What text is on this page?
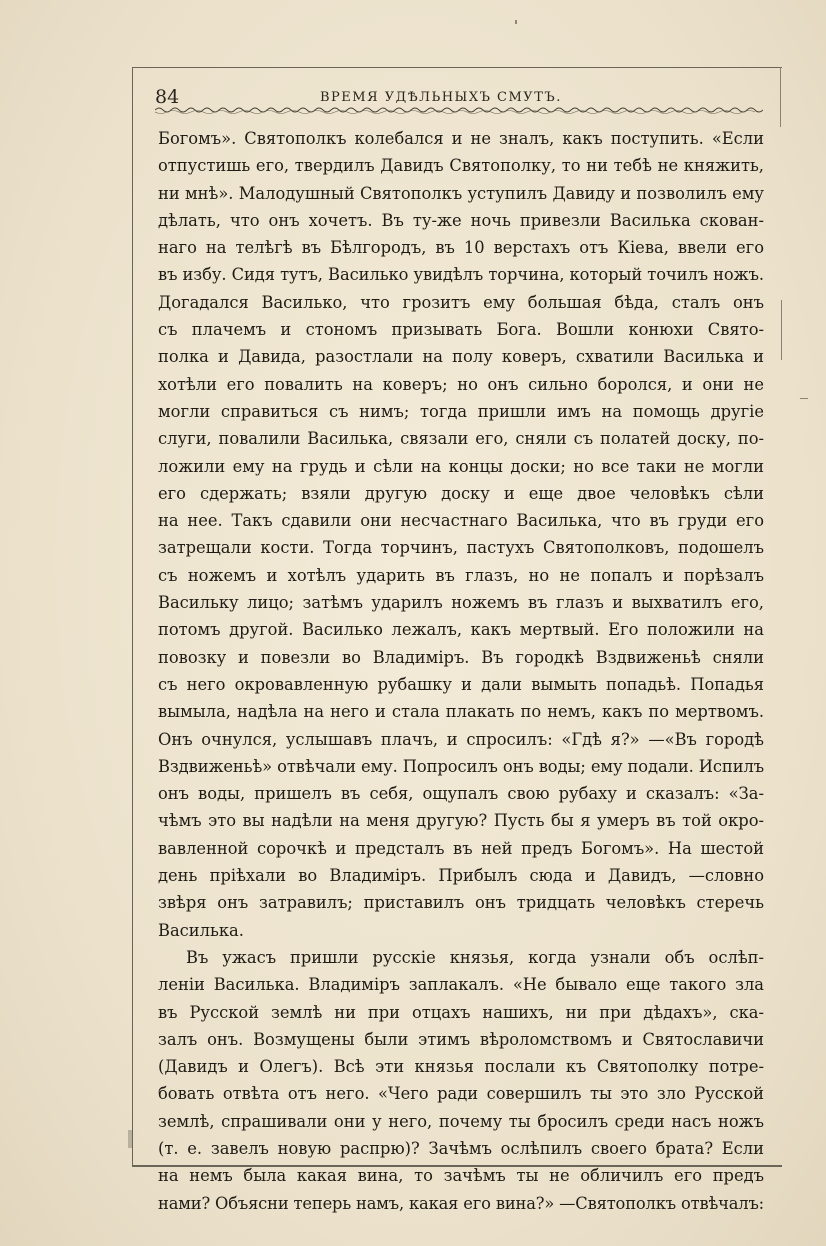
84	ВРЕМЯ УДѢЛЬНЫХЪ СМУТЪ.
Богомъ». Святополкъ колебался и не зналъ, какъ поступить. «Если
отпустишь его, твердилъ Давидъ Святополку, то ни тебѣ не княжить,
ни мнѣ». Малодушный Святополкъ уступилъ Давиду и позволилъ ему
дѣлать, что онъ хочетъ. Въ ту-же ночь привезли Василька скован-
наго на телѣгѣ въ Бѣлгородъ, въ 10 верстахъ отъ Кіева, ввели его
въ избу. Сидя тутъ, Василько увидѣлъ торчина, который точилъ ножъ.
Догадался Василько, что грозитъ ему большая бѣда, сталъ онъ
съ плачемъ и стономъ призывать Бога. Вошли конюхи Свято-
полка и Давида, разостлали на полу коверъ, схватили Василька и
хотѣли его повалить на коверъ; но онъ сильно боролся, и они не
могли справиться съ нимъ; тогда пришли имъ на помощь другіе
слуги, повалили Василька, связали его, сняли съ полатей доску, по-
ложили ему на грудь и сѣли на концы доски; но все таки не могли
его сдержать; взяли другую доску и еще двое человѣкъ сѣли
на нее. Такъ сдавили они несчастнаго Василька, что въ груди его
затрещали кости. Тогда торчинъ, пастухъ Святополковъ, подошелъ
съ ножемъ и хотѣлъ ударить въ глазъ, но не попалъ и порѣзалъ
Васильку лицо; затѣмъ ударилъ ножемъ въ глазъ и выхватилъ его,
потомъ другой. Василько лежалъ, какъ мертвый. Его положили на
повозку и повезли во Владиміръ. Въ городкѣ Вздвиженьѣ сняли
съ него окровавленную рубашку и дали вымыть попадьѣ. Попадья
вымыла, надѣла на него и стала плакать по немъ, какъ по мертвомъ.
Онъ очнулся, услышавъ плачъ, и спросилъ: «Гдѣ я?» —«Въ городѣ
Вздвиженьѣ» отвѣчали ему. Попросилъ онъ воды; ему подали. Испилъ
онъ воды, пришелъ въ себя, ощупалъ свою рубаху и сказалъ: «За-
чѣмъ это вы надѣли на меня другую? Пусть бы я умеръ въ той окро-
вавленной сорочкѣ и предсталъ въ ней предъ Богомъ». На шестой
день пріѣхали во Владиміръ. Прибылъ сюда и Давидъ, —словно
звѣря онъ затравилъ; приставилъ онъ тридцать человѣкъ стеречь
Василька.
Въ ужасъ пришли русскіе князья, когда узнали объ ослѣп-
леніи Василька. Владиміръ заплакалъ. «Не бывало еще такого зла
въ Русской землѣ ни при отцахъ нашихъ, ни при дѣдахъ», ска-
залъ онъ. Возмущены были этимъ вѣроломствомъ и Святославичи
(Давидъ и Олегъ). Всѣ эти князья послали къ Святополку потре-
бовать отвѣта отъ него. «Чего ради совершилъ ты это зло Русской
землѣ, спрашивали они у него, почему ты бросилъ среди насъ ножъ
(т. е. завелъ новую распрю)? Зачѣмъ ослѣпилъ своего брата? Если
на немъ была какая вина, то зачѣмъ ты не обличилъ его предъ
нами? Объясни теперь намъ, какая его вина?» —Святополкъ отвѣчалъ:
